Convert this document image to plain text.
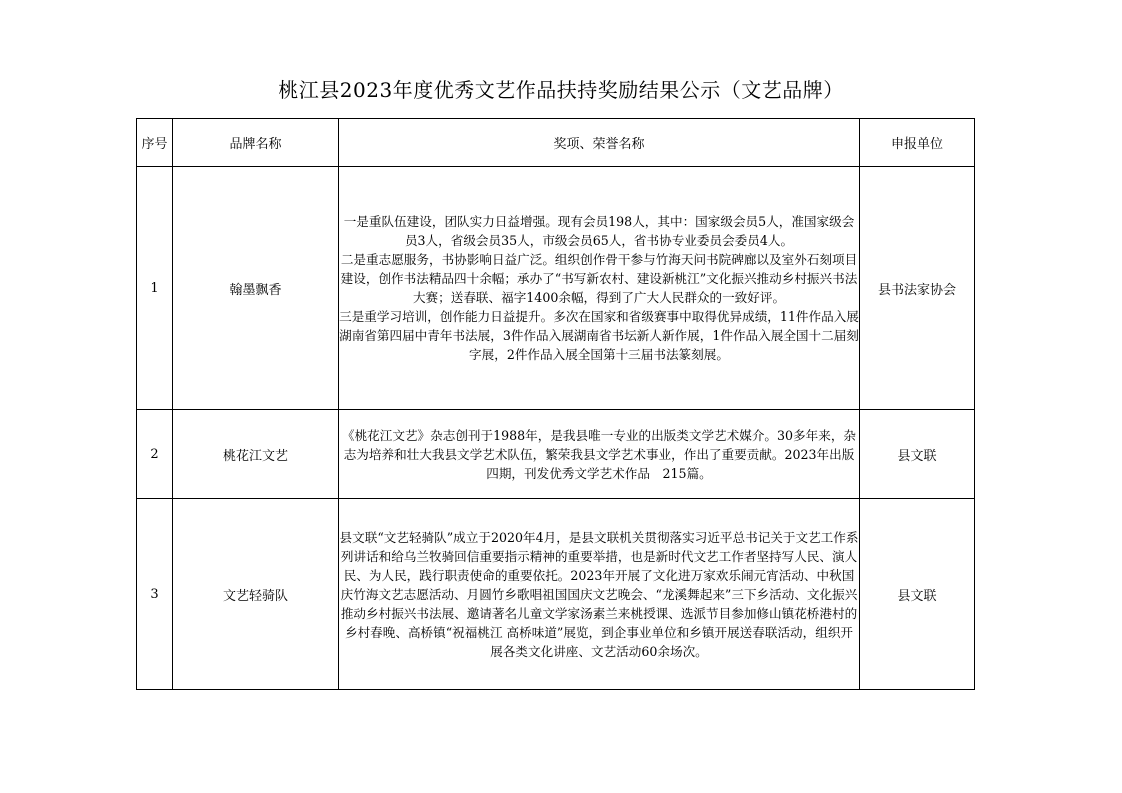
桃江县2023年度优秀文艺作品扶持奖励结果公示（文艺品牌）
序号	品牌名称	奖项、荣誉名称	申报单位
1	翰墨飘香	一是重队伍建设，团队实力日益增强。现有会员198人，其中：国家级会员5人，准国家级会员3人，省级会员35人，市级会员65人，省书协专业委员会委员4人。

二是重志愿服务，书协影响日益广泛。组织创作骨干参与竹海天问书院碑廊以及室外石刻项目建设，创作书法精品四十余幅；承办了“书写新农村、建设新桃江”文化振兴推动乡村振兴书法大赛；送春联、福字1400余幅，得到了广大人民群众的一致好评。

三是重学习培训，创作能力日益提升。多次在国家和省级赛事中取得优异成绩，11件作品入展湖南省第四届中青年书法展，3件作品入展湖南省书坛新人新作展，1件作品入展全国十二届刻字展，2件作品入展全国第十三届书法篆刻展。	县书法家协会
2	桃花江文艺	《桃花江文艺》杂志创刊于1988年，是我县唯一专业的出版类文学艺术媒介。30多年来，杂志为培养和壮大我县文学艺术队伍，繁荣我县文学艺术事业，作出了重要贡献。2023年出版四期，刊发优秀文学艺术作品　215篇。	县文联
3	文艺轻骑队	县文联“文艺轻骑队”成立于2020年4月，是县文联机关贯彻落实习近平总书记关于文艺工作系列讲话和给乌兰牧骑回信重要指示精神的重要举措，也是新时代文艺工作者坚持写人民、演人民、为人民，践行职责使命的重要依托。2023年开展了文化进万家欢乐闹元宵活动、中秋国庆竹海文艺志愿活动、月圆竹乡歌唱祖国国庆文艺晚会、“龙溪舞起来”三下乡活动、文化振兴推动乡村振兴书法展、邀请著名儿童文学家汤素兰来桃授课、选派节目参加修山镇花桥港村的乡村春晚、高桥镇“祝福桃江 高桥味道”展览，到企事业单位和乡镇开展送春联活动，组织开展各类文化讲座、文艺活动60余场次。	县文联
